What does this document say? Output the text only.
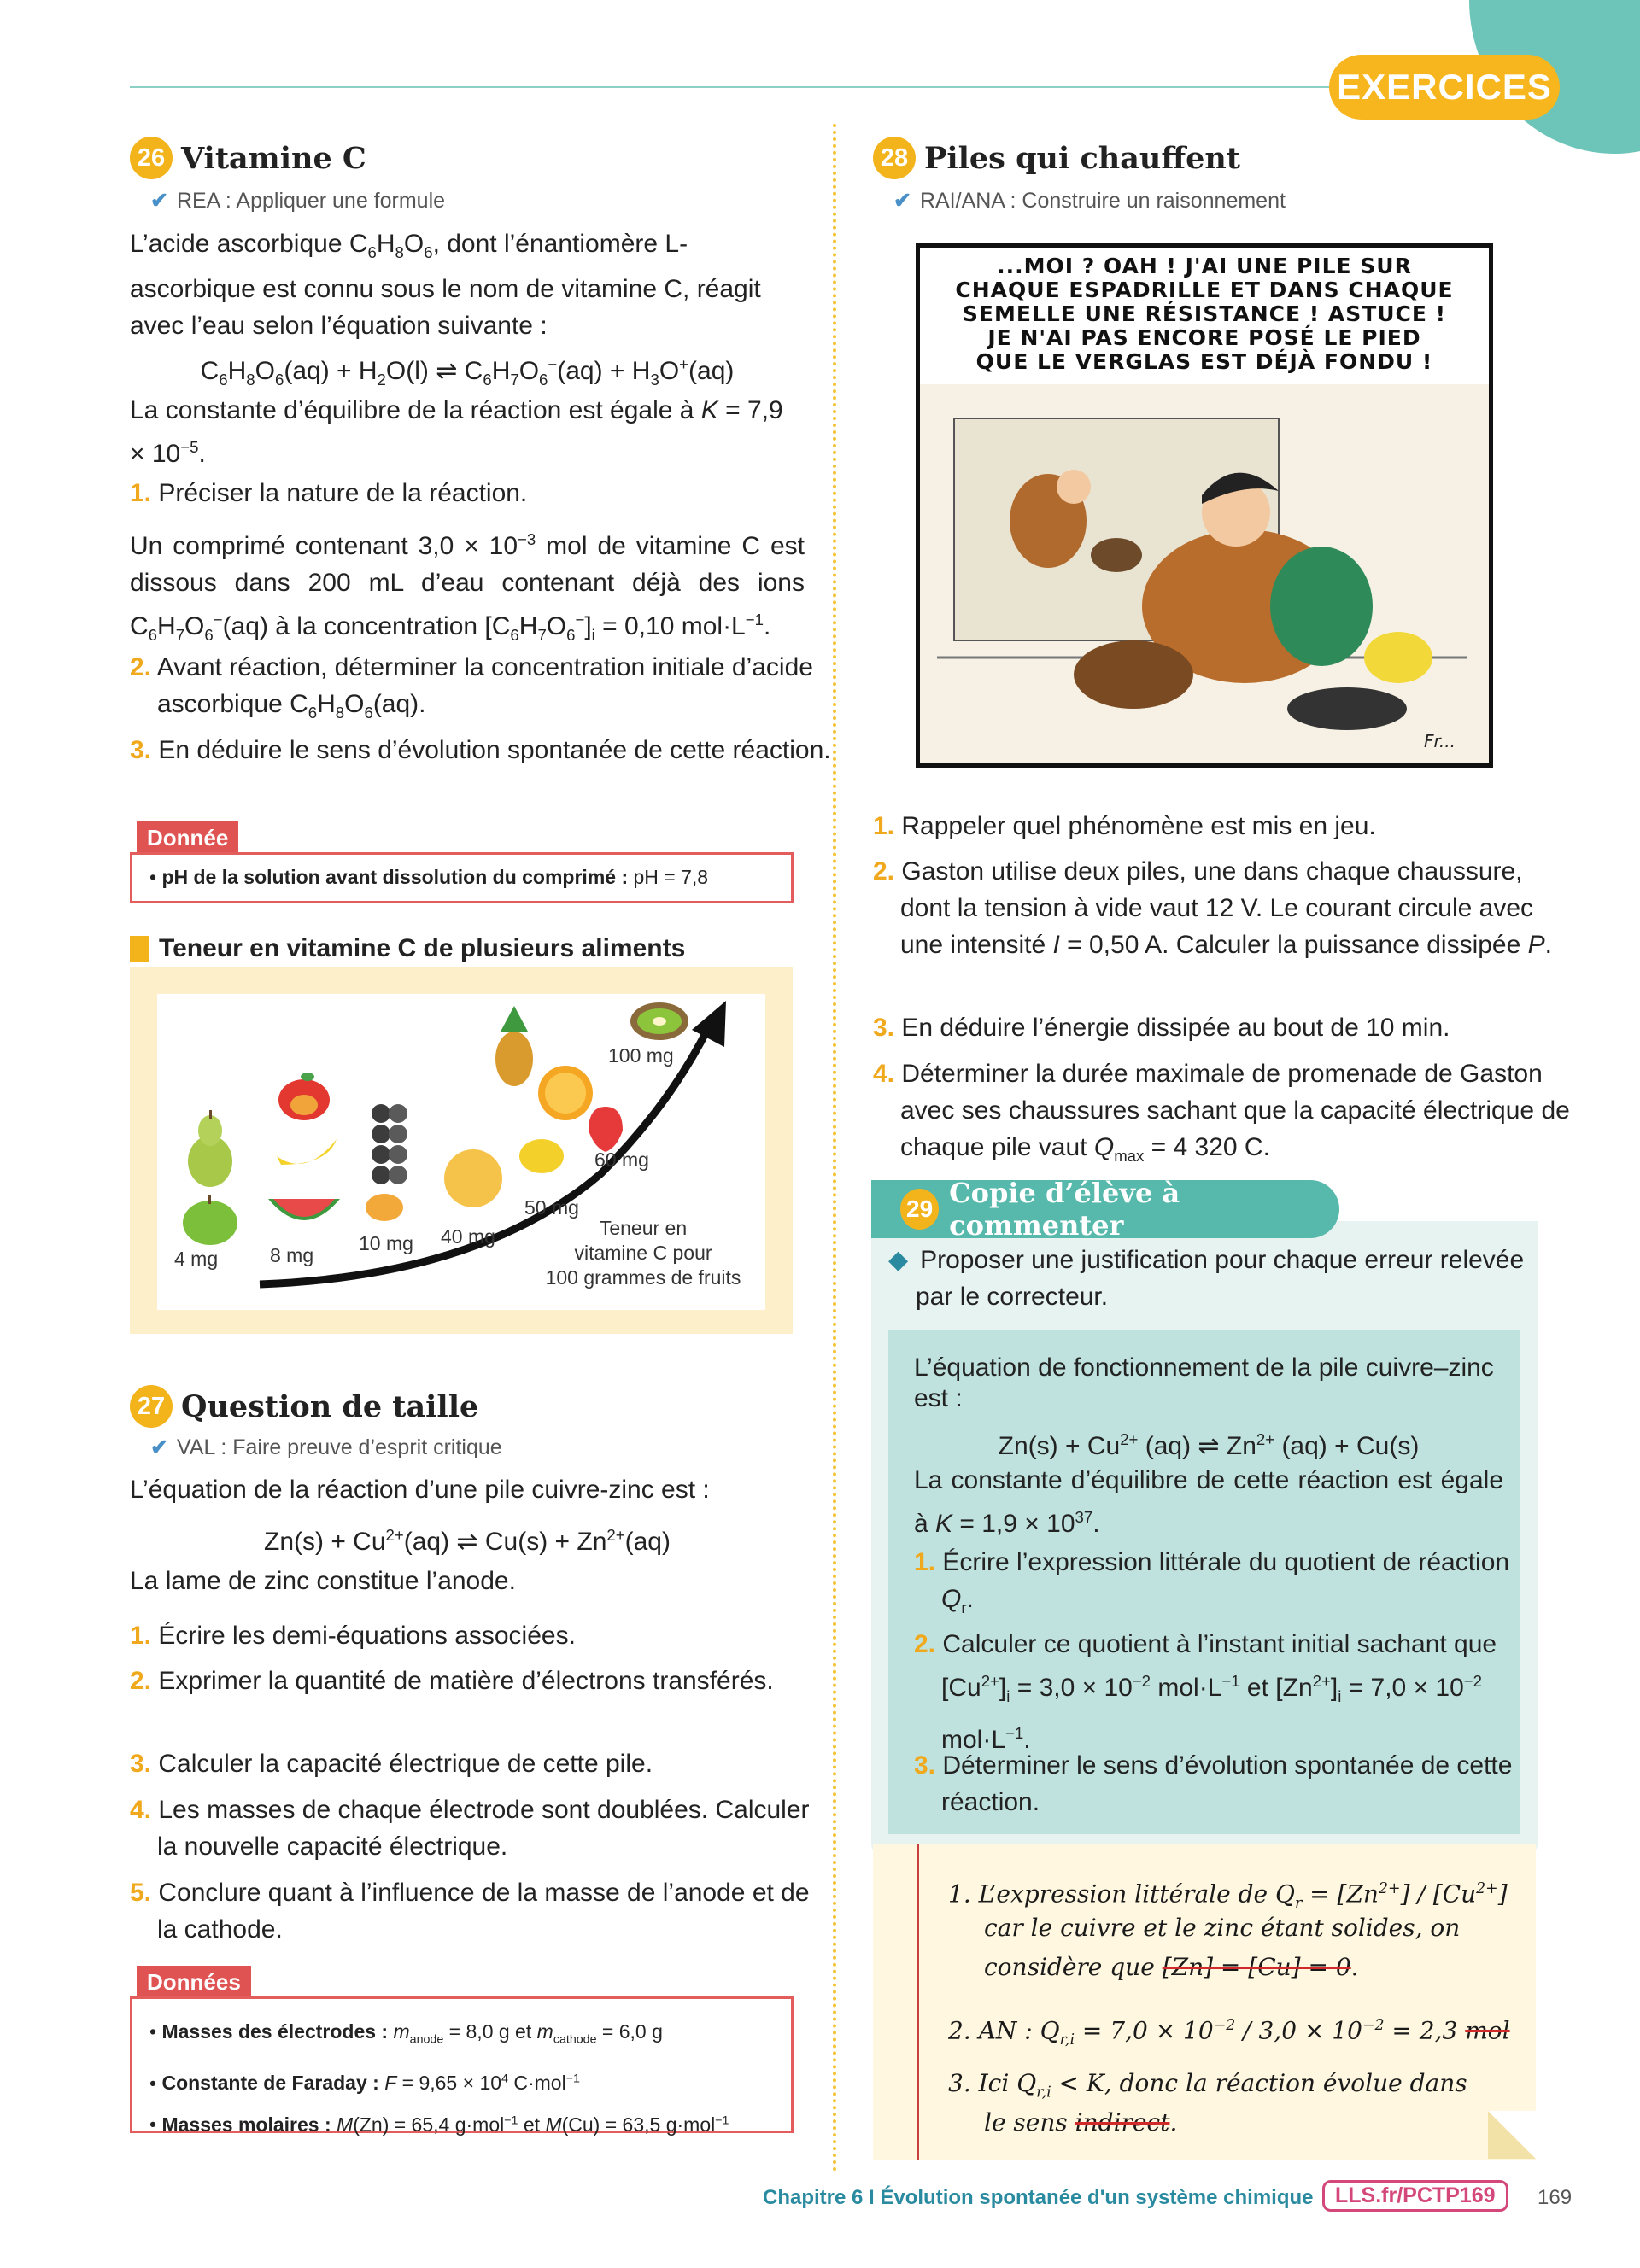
EXERCICES
26 Vitamine C
✔ REA : Appliquer une formule
L’acide ascorbique $C_6H_8O_6$, dont l’énantiomère L-ascorbique est connu sous le nom de vitamine C, réagit avec l’eau selon l’équation suivante :
$C_6H_8O_6(aq) + H_2O(l)$ ⇌ $C_6H_7O_6^-(aq) + H_3O^+(aq)$
La constante d’équilibre de la réaction est égale à $K = 7,9 \times 10^{-5}$.
1. Préciser la nature de la réaction.
Un comprimé contenant $3,0 \times 10^{-3}$ mol de vitamine C est dissous dans 200 mL d’eau contenant déjà des ions $C_6H_7O_6^-(aq)$ à la concentration $[C_6H_7O_6^-]_i = 0,10$ $mol\cdot L^{-1}$.
2. Avant réaction, déterminer la concentration initiale d’acide ascorbique $C_6H_8O_6(aq)$.
3. En déduire le sens d’évolution spontanée de cette réaction.
Donnée
• pH de la solution avant dissolution du comprimé : pH = 7,8
Teneur en vitamine C de plusieurs aliments
4 mg	8 mg
10 mg 40 mg
50 mg
60 mg
100 mg
Teneur en
vitamine C pour
100 grammes de fruits
27 Question de taille
✔ VAL : Faire preuve d’esprit critique
L’équation de la réaction d’une pile cuivre-zinc est :
$Zn(s) + Cu^{2+}(aq)$ ⇌ $Cu(s) + Zn^{2+}(aq)$
La lame de zinc constitue l’anode.
1. Écrire les demi-équations associées.
2. Exprimer la quantité de matière d’électrons transférés.
3. Calculer la capacité électrique de cette pile.
4. Les masses de chaque électrode sont doublées. Calculer la nouvelle capacité électrique.
5. Conclure quant à l’influence de la masse de l’anode et de la cathode.
Données
• Masses des électrodes : $m_{anode} = 8,0$ g et $m_{cathode} = 6,0$ g
• Constante de Faraday : $F = 9,65 \times 10^4$ C·mol$^{-1}$
• Masses molaires : M(Zn) = 65,4 g·mol$^{-1}$ et M(Cu) = 63,5 g·mol$^{-1}$
28 Piles qui chauffent
✔ RAI/ANA : Construire un raisonnement
...MOI ? OAH ! J'AI UNE PILE SUR
CHAQUE ESPADRILLE ET DANS CHAQUE
SEMELLE UNE RÉSISTANCE ! ASTUCE !
JE N'AI PAS ENCORE POSÉ LE PIED
QUE LE VERGLAS EST DÉJÀ FONDU !
Fr...
1. Rappeler quel phénomène est mis en jeu.
2. Gaston utilise deux piles, une dans chaque chaussure, dont la tension à vide vaut 12 V. Le courant circule avec une intensité I = 0,50 A. Calculer la puissance dissipée P.
3. En déduire l’énergie dissipée au bout de 10 min.
4. Déterminer la durée maximale de promenade de Gaston avec ses chaussures sachant que la capacité électrique de chaque pile vaut $Q_{max} = 4$ 320 C.
29 Copie d’élève à commenter
◆ Proposer une justification pour chaque erreur relevée par le correcteur.
L’équation de fonctionnement de la pile cuivre–zinc est :
$Zn(s) + Cu^{2+}$ (aq) ⇌ $Zn^{2+}$ (aq) + Cu(s)
La constante d’équilibre de cette réaction est égale à $K = 1,9 \times 10^{37}$.
1. Écrire l’expression littérale du quotient de réaction $Q_r$.
2. Calculer ce quotient à l’instant initial sachant que $[Cu^{2+}]_i = 3,0 \times 10^{-2}$ $mol\cdot L^{-1}$ et $[Zn^{2+}]_i = 7,0 \times 10^{-2}$ $mol\cdot L^{-1}$.
3. Déterminer le sens d’évolution spontanée de cette réaction.
1. L’expression littérale de $Q_r = [Zn^{2+}] / [Cu^{2+}]$
car le cuivre et le zinc étant solides, on
considère que [Zn] = [Cu] = 0.
2. AN : $Q_{r,i} = 7,0 \times 10^{-2} / 3,0 \times 10^{-2} = 2,3$ mol
3. Ici $Q_{r,i} < K$, donc la réaction évolue dans
le sens indirect.
Chapitre 6 I Évolution spontanée d'un système chimique	LLS.fr/PCTP169	169
